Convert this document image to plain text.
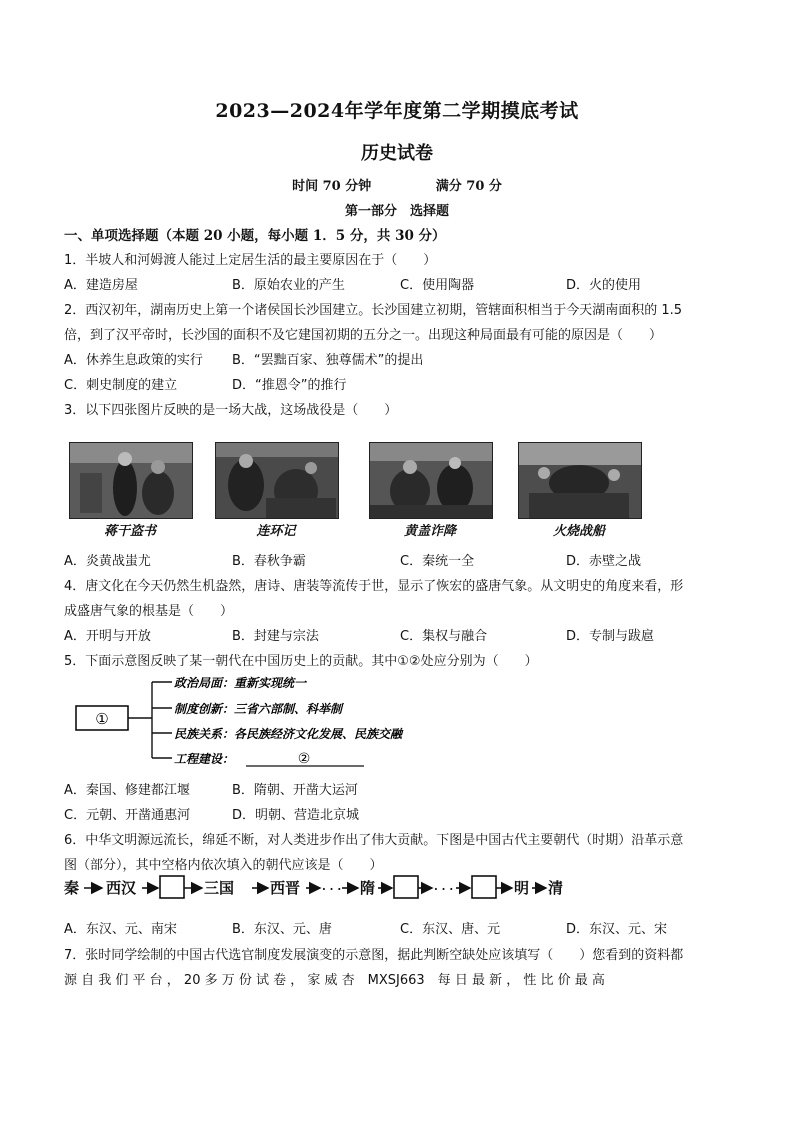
2023—2024年学年度第二学期摸底考试
历史试卷
时间 70 分钟	满分 70 分
第一部分　选择题
一、单项选择题（本题 20 小题，每小题 1．5 分，共 30 分）
1．半坡人和河姆渡人能过上定居生活的最主要原因在于（　　）
A．建造房屋	B．原始农业的产生	C．使用陶器	D．火的使用
2．西汉初年，湖南历史上第一个诸侯国长沙国建立。长沙国建立初期，管辖面积相当于今天湖南面积的 1.5
倍，到了汉平帝时，长沙国的面积不及它建国初期的五分之一。出现这种局面最有可能的原因是（　　）
A．休养生息政策的实行 B．“罢黜百家、独尊儒术”的提出
C．刺史制度的建立	D．“推恩令”的推行
3．以下四张图片反映的是一场大战，这场战役是（　　）
蒋干盗书	连环记	黄盖诈降	火烧战船
A．炎黄战蚩尤	B．春秋争霸	C．秦统一全	D．赤壁之战
4．唐文化在今天仍然生机盎然，唐诗、唐装等流传于世，显示了恢宏的盛唐气象。从文明史的角度来看，形
成盛唐气象的根基是（　　）
A．开明与开放	B．封建与宗法	C．集权与融合	D．专制与跋扈
5．下面示意图反映了某一朝代在中国历史上的贡献。其中①②处应分别为（　　）
①
政治局面：重新实现统一
制度创新：三省六部制、科举制
民族关系：各民族经济文化发展、民族交融
工程建设：	②
A．秦国、修建都江堰	B．隋朝、开凿大运河
C．元朝、开凿通惠河	D．明朝、营造北京城
6．中华文明源远流长，绵延不断，对人类进步作出了伟大贡献。下图是中国古代主要朝代（时期）沿革示意
图（部分），其中空格内依次填入的朝代应该是（　　）
秦 西汉	三国 西晋 · · · 隋	· · ·	明 清
A．东汉、元、南宋	B．东汉、元、唐	C．东汉、唐、元	D．东汉、元、宋
7．张时同学绘制的中国古代选官制度发展演变的示意图，据此判断空缺处应该填写（　　）您看到的资料都
源 自 我 们 平 台 ， 20 多 万 份 试 卷 ， 家 威 杏　MXSJ663　每 日 最 新 ， 性 比 价 最 高
